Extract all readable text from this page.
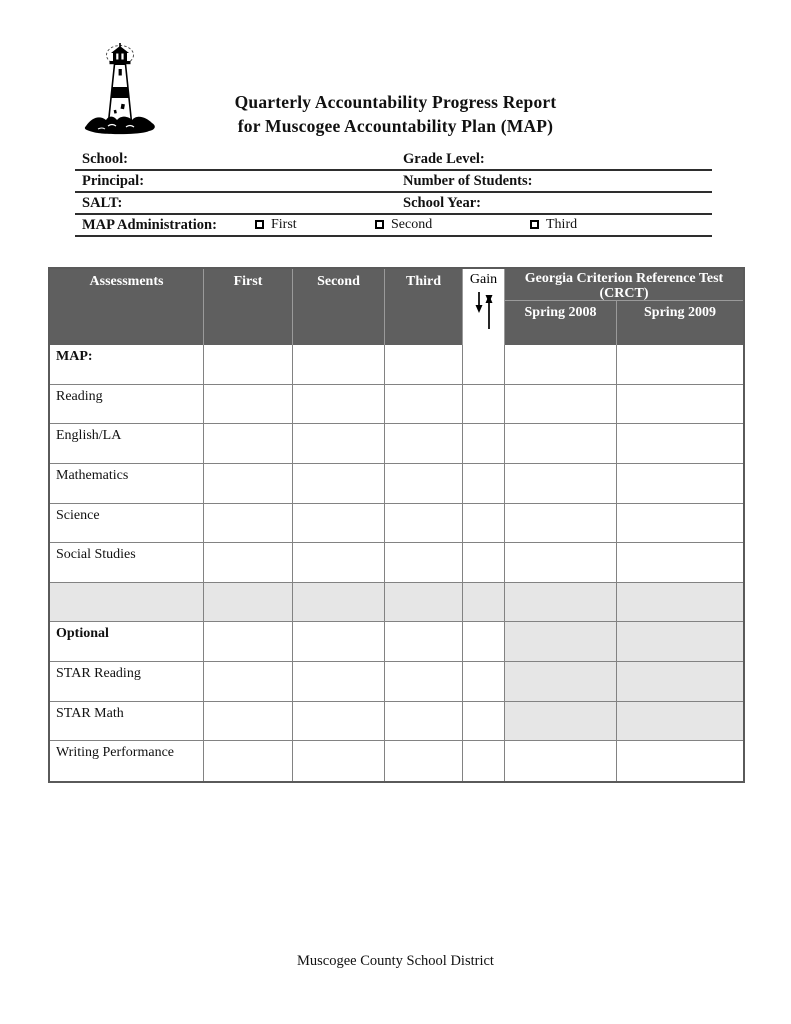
Quarterly Accountability Progress Report
for Muscogee Accountability Plan (MAP)
School:	Grade Level:
Principal:	Number of Students:
SALT:	School Year:
MAP Administration:	First	Second	Third
Assessments	First	Second	Third	Gain	Georgia Criterion Reference Test (CRCT)
Spring 2008	Spring 2009
MAP:
Reading
English/LA
Mathematics
Science
Social Studies
Optional
STAR Reading
STAR Math
Writing Performance
Muscogee County School District
